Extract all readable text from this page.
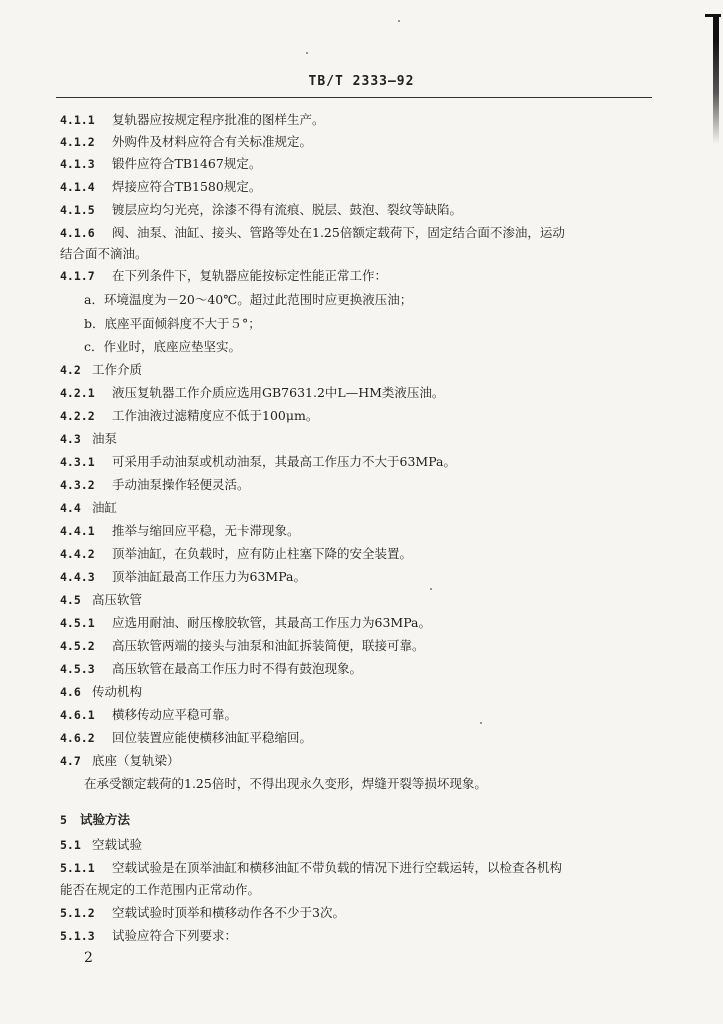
TB/T 2333—92
4.1.1 复轨器应按规定程序批准的图样生产。
4.1.2 外购件及材料应符合有关标准规定。
4.1.3 锻件应符合TB1467规定。
4.1.4 焊接应符合TB1580规定。
4.1.5 镀层应均匀光亮，涂漆不得有流痕、脱层、鼓泡、裂纹等缺陷。
4.1.6 阀、油泵、油缸、接头、管路等处在1.25倍额定载荷下，固定结合面不渗油，运动
结合面不滴油。
4.1.7 在下列条件下，复轨器应能按标定性能正常工作：
a．环境温度为－20～40℃。超过此范围时应更换液压油；
b．底座平面倾斜度不大于５°；
c．作业时，底座应垫坚实。
4.2 工作介质
4.2.1 液压复轨器工作介质应选用GB7631.2中L—HM类液压油。
4.2.2 工作油液过滤精度应不低于100μm。
4.3 油泵
4.3.1 可采用手动油泵或机动油泵，其最高工作压力不大于63MPa。
4.3.2 手动油泵操作轻便灵活。
4.4 油缸
4.4.1 推举与缩回应平稳，无卡滞现象。
4.4.2 顶举油缸，在负载时，应有防止柱塞下降的安全装置。
4.4.3 顶举油缸最高工作压力为63MPa。
4.5 高压软管
4.5.1 应选用耐油、耐压橡胶软管，其最高工作压力为63MPa。
4.5.2 高压软管两端的接头与油泵和油缸拆装简便，联接可靠。
4.5.3 高压软管在最高工作压力时不得有鼓泡现象。
4.6 传动机构
4.6.1 横移传动应平稳可靠。
4.6.2 回位装置应能使横移油缸平稳缩回。
4.7 底座（复轨梁）
在承受额定载荷的1.25倍时，不得出现永久变形，焊缝开裂等损坏现象。
5 试验方法
5.1 空载试验
5.1.1 空载试验是在顶举油缸和横移油缸不带负载的情况下进行空载运转，以检查各机构
能否在规定的工作范围内正常动作。
5.1.2 空载试验时顶举和横移动作各不少于3次。
5.1.3 试验应符合下列要求：
2
